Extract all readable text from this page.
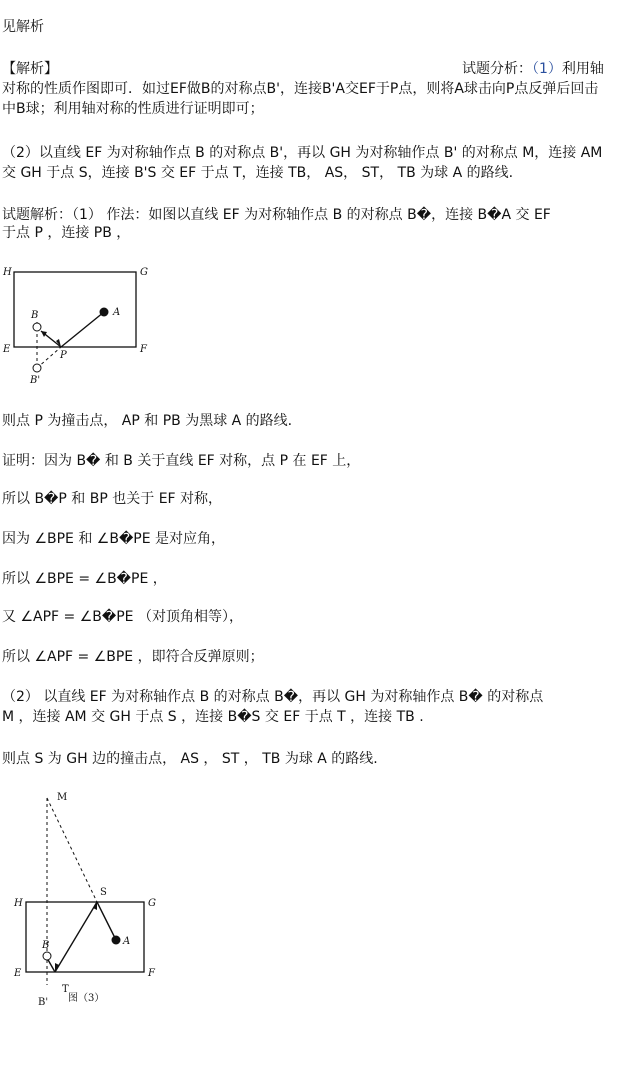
见解析
【解析】	试题分析：（1）利用轴
对称的性质作图即可．如过EF做B的对称点B'，连接B'A交EF于P点，则将A球击向P点反弹后回击
中B球；利用轴对称的性质进行证明即可；
（2）以直线 EF 为对称轴作点 B 的对称点 B'，再以 GH 为对称轴作点 B' 的对称点 M，连接 AM
交 GH 于点 S，连接 B'S 交 EF 于点 T，连接 TB， AS， ST， TB 为球 A 的路线.
试题解析：（1） 作法：如图以直线 EF 为对称轴作点 B 的对称点 B�，连接 B�A 交 EF
于点 P ，连接 PB ，
H	G
E	F
A
B
P
B'
则点 P 为撞击点， AP 和 PB 为黑球 A 的路线.
证明：因为 B� 和 B 关于直线 EF 对称，点 P 在 EF 上，
所以 B�P 和 BP 也关于 EF 对称，
因为 ∠BPE 和 ∠B�PE 是对应角，
所以 ∠BPE = ∠B�PE ，
又 ∠APF = ∠B�PE （对顶角相等），
所以 ∠APF = ∠BPE ，即符合反弹原则；
（2） 以直线 EF 为对称轴作点 B 的对称点 B�，再以 GH 为对称轴作点 B� 的对称点
M ，连接 AM 交 GH 于点 S ，连接 B�S 交 EF 于点 T ，连接 TB .
则点 S 为 GH 边的撞击点， AS ， ST ， TB 为球 A 的路线.
M
S
H	G
E	F
A
B
T
B' 图（3）
